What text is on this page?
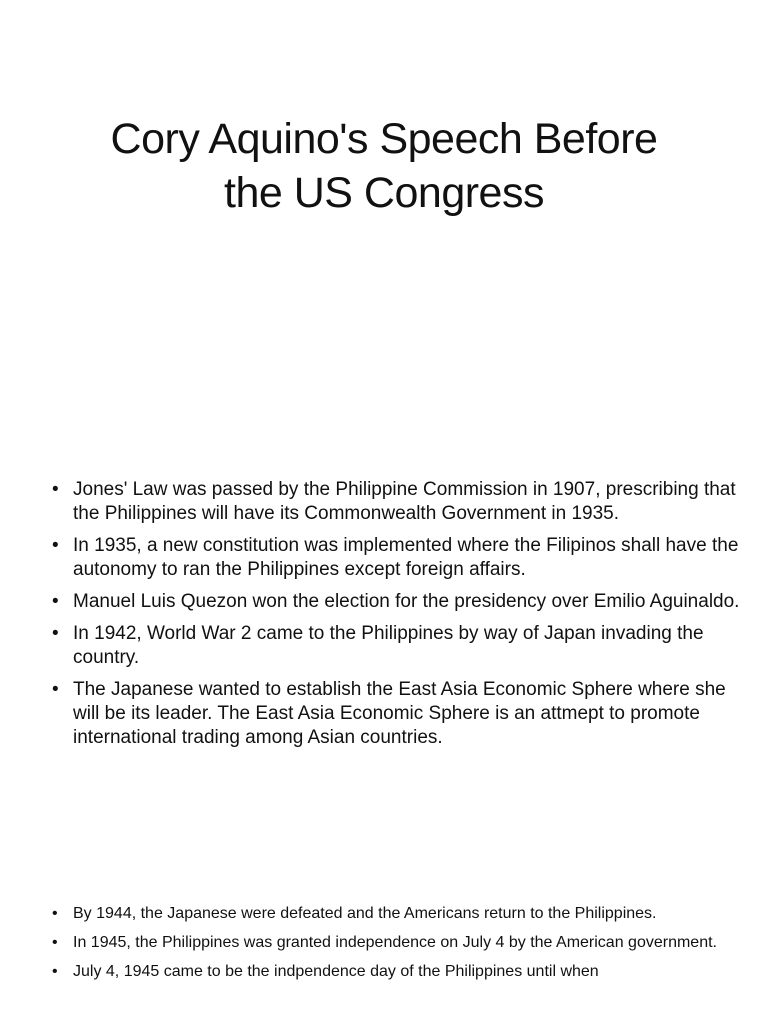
Cory Aquino's Speech Before
the US Congress
• Jones' Law was passed by the Philippine Commission in 1907, prescribing that the Philippines will have its Commonwealth Government in 1935.
• In 1935, a new constitution was implemented where the Filipinos shall have the autonomy to ran the Philippines except foreign affairs.
• Manuel Luis Quezon won the election for the presidency over Emilio Aguinaldo.
• In 1942, World War 2 came to the Philippines by way of Japan invading the country.
• The Japanese wanted to establish the East Asia Economic Sphere where she will be its leader. The East Asia Economic Sphere is an attmept to promote international trading among Asian countries.
• By 1944, the Japanese were defeated and the Americans return to the Philippines.
• In 1945, the Philippines was granted independence on July 4 by the American government.
• July 4, 1945 came to be the indpendence day of the Philippines until when
